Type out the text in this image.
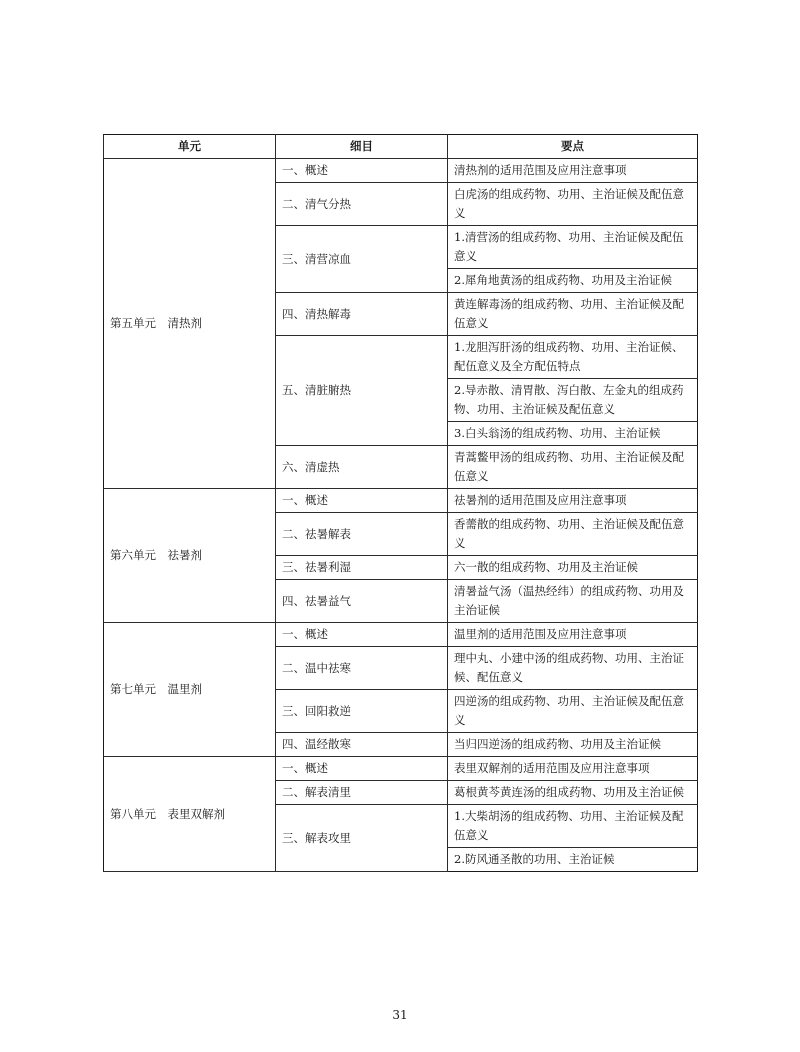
单元	细目	要点
第五单元　清热剂	一、概述	清热剂的适用范围及应用注意事项
	二、清气分热	白虎汤的组成药物、功用、主治证候及配伍意义
	三、清营凉血	1.清营汤的组成药物、功用、主治证候及配伍意义
		2.犀角地黄汤的组成药物、功用及主治证候
	四、清热解毒	黄连解毒汤的组成药物、功用、主治证候及配伍意义
	五、清脏腑热	1.龙胆泻肝汤的组成药物、功用、主治证候、配伍意义及全方配伍特点
		2.导赤散、清胃散、泻白散、左金丸的组成药物、功用、主治证候及配伍意义
		3.白头翁汤的组成药物、功用、主治证候
	六、清虚热	青蒿鳖甲汤的组成药物、功用、主治证候及配伍意义
第六单元　祛暑剂	一、概述	祛暑剂的适用范围及应用注意事项
	二、祛暑解表	香薷散的组成药物、功用、主治证候及配伍意义
	三、祛暑利湿	六一散的组成药物、功用及主治证候
	四、祛暑益气	清暑益气汤（温热经纬）的组成药物、功用及主治证候
第七单元　温里剂	一、概述	温里剂的适用范围及应用注意事项
	二、温中祛寒	理中丸、小建中汤的组成药物、功用、主治证候、配伍意义
	三、回阳救逆	四逆汤的组成药物、功用、主治证候及配伍意义
	四、温经散寒	当归四逆汤的组成药物、功用及主治证候
第八单元　表里双解剂	一、概述	表里双解剂的适用范围及应用注意事项
	二、解表清里	葛根黄芩黄连汤的组成药物、功用及主治证候
	三、解表攻里	1.大柴胡汤的组成药物、功用、主治证候及配伍意义
		2.防风通圣散的功用、主治证候
31
